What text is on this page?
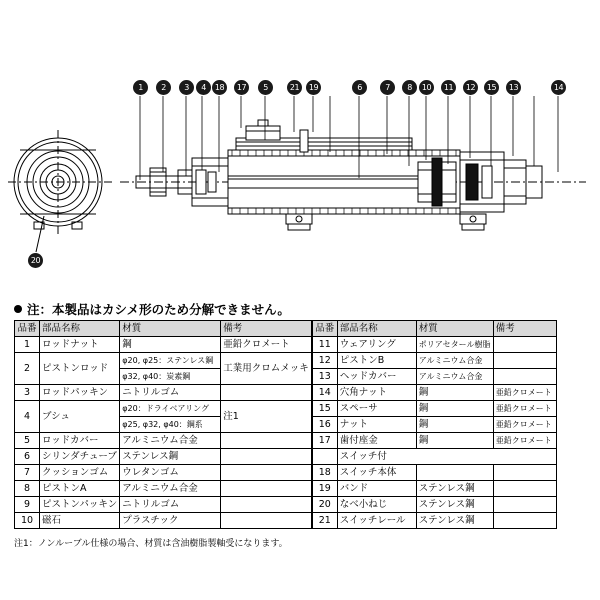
20
1	2	3	4	18	17	5	21	19	6	7	8	10	11	12	15	13	14
注：本製品はカシメ形のため分解できません。
品番	部品名称	材質	備考
1	ロッドナット	鋼	亜鉛クロメート
2	ピストンロッド	φ20, φ25：ステンレス鋼	工業用クロムメッキ
		φ32, φ40：炭素鋼	
3	ロッドパッキン	ニトリルゴム	
4	ブシュ	φ20：ドライベアリング	注1
		φ25, φ32, φ40：鋼系	
5	ロッドカバー	アルミニウム合金	
6	シリンダチューブ	ステンレス鋼	
7	クッションゴム	ウレタンゴム	
8	ピストンA	アルミニウム合金	
9	ピストンパッキン	ニトリルゴム	
10	磁石	プラスチック	
品番	部品名称	材質	備考
11	ウェアリング	ポリアセタール樹脂	
12	ピストンB	アルミニウム合金	
13	ヘッドカバー	アルミニウム合金	
14	穴角ナット	鋼	亜鉛クロメート
15	スペーサ	鋼	亜鉛クロメート
16	ナット	鋼	亜鉛クロメート
17	歯付座金	鋼	亜鉛クロメート
	スイッチ付		
18	スイッチ本体		
19	バンド	ステンレス鋼	
20	なべ小ねじ	ステンレス鋼	
21	スイッチレール	ステンレス鋼	
注1：ノンルーブル仕様の場合、材質は含油樹脂製軸受になります。
